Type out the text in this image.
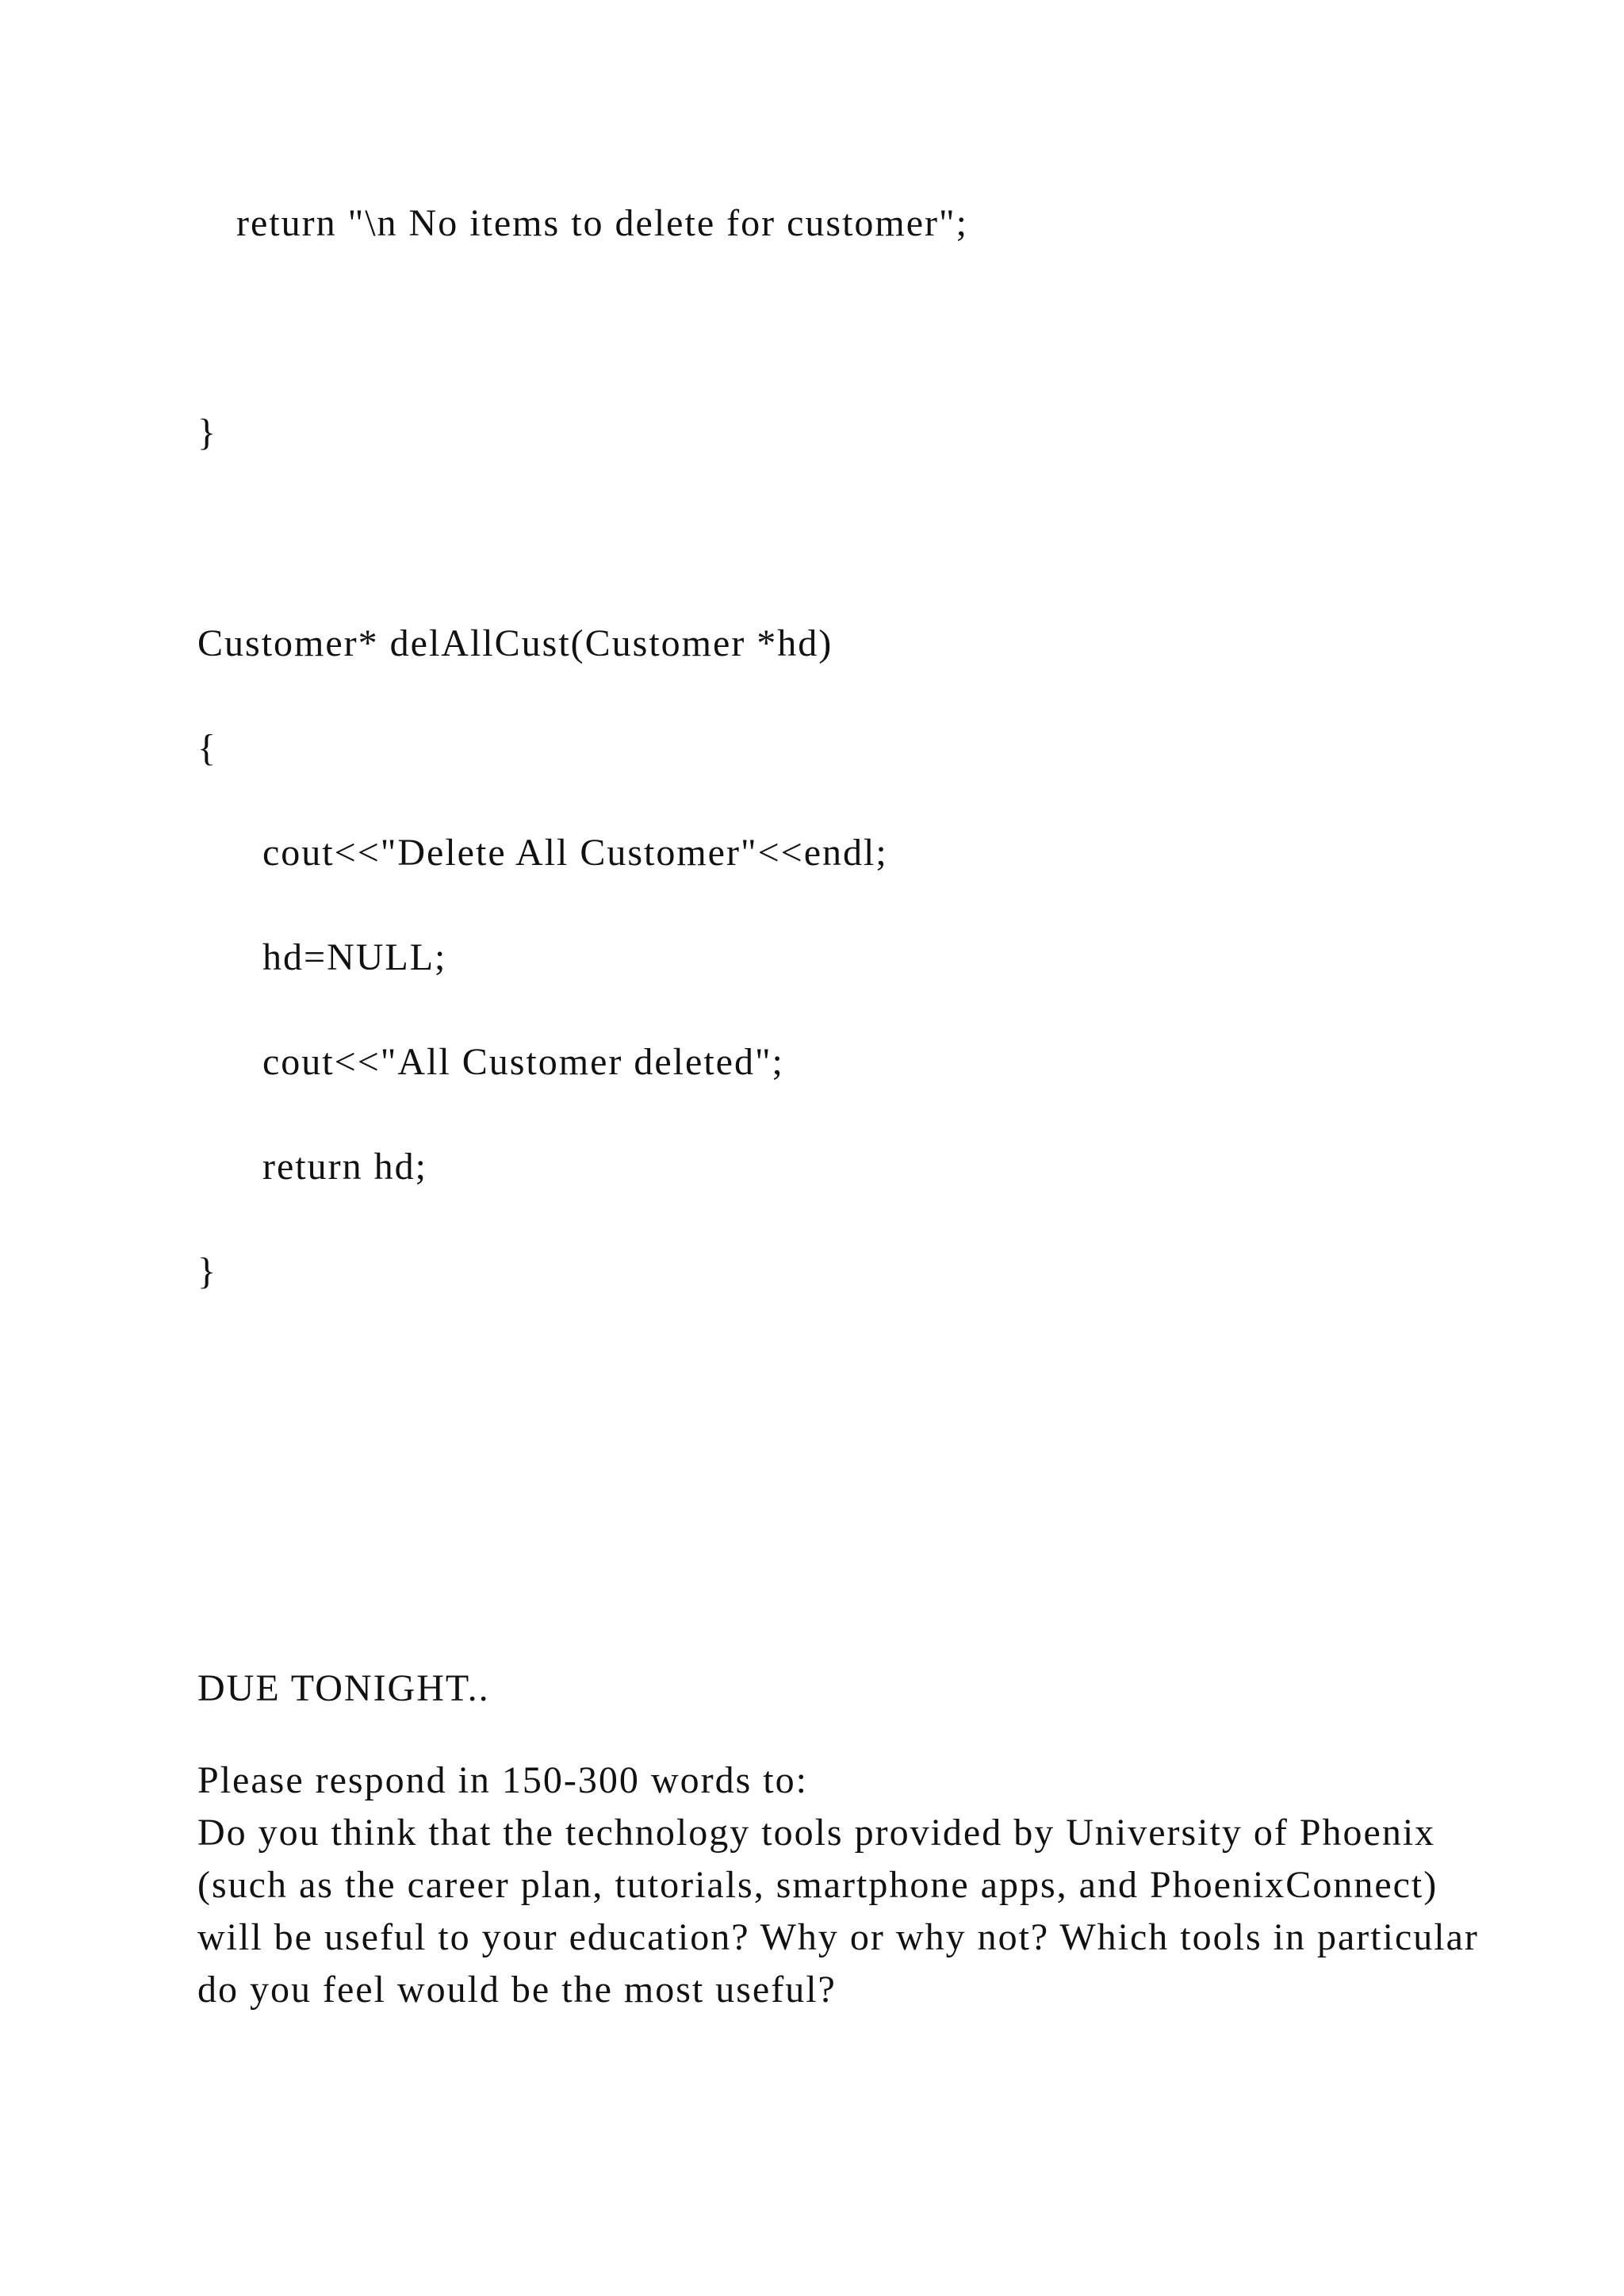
return "\n No items to delete for customer";

}

Customer* delAllCust(Customer *hd)

{

cout<<"Delete All Customer"<<endl;

hd=NULL;

cout<<"All Customer deleted";

return hd;

}

DUE TONIGHT..

Please respond in 150-300 words to:
Do you think that the technology tools provided by University of Phoenix (such as the career plan, tutorials, smartphone apps, and PhoenixConnect) will be useful to your education? Why or why not? Which tools in particular do you feel would be the most useful?
